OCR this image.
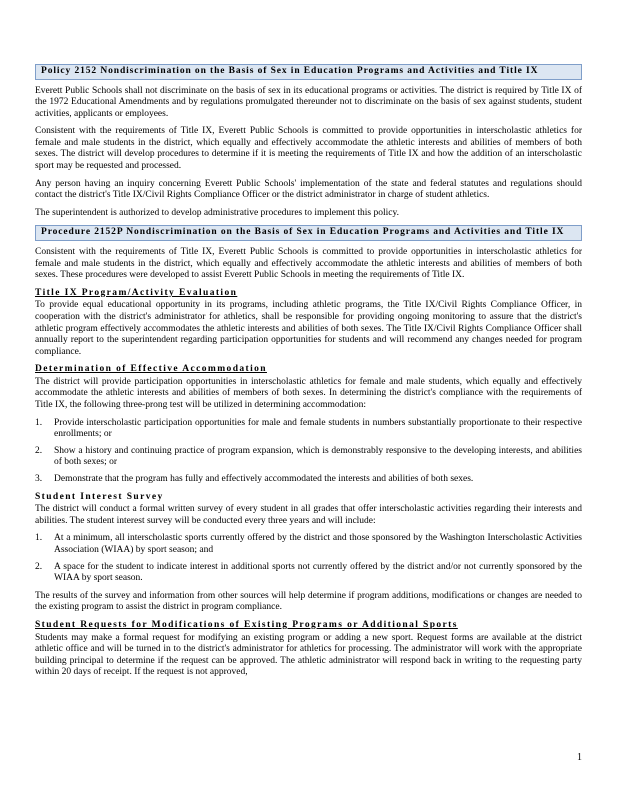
Policy 2152 Nondiscrimination on the Basis of Sex in Education Programs and Activities and Title IX

Everett Public Schools shall not discriminate on the basis of sex in its educational programs or activities. The district is required by Title IX of the 1972 Educational Amendments and by regulations promulgated thereunder not to discriminate on the basis of sex against students, student activities, applicants or employees.

Consistent with the requirements of Title IX, Everett Public Schools is committed to provide opportunities in interscholastic athletics for female and male students in the district, which equally and effectively accommodate the athletic interests and abilities of members of both sexes. The district will develop procedures to determine if it is meeting the requirements of Title IX and how the addition of an interscholastic sport may be requested and processed.

Any person having an inquiry concerning Everett Public Schools' implementation of the state and federal statutes and regulations should contact the district's Title IX/Civil Rights Compliance Officer or the district administrator in charge of student athletics.

The superintendent is authorized to develop administrative procedures to implement this policy.

Procedure 2152P Nondiscrimination on the Basis of Sex in Education Programs and Activities and Title IX

Consistent with the requirements of Title IX, Everett Public Schools is committed to provide opportunities in interscholastic athletics for female and male students in the district, which equally and effectively accommodate the athletic interests and abilities of members of both sexes. These procedures were developed to assist Everett Public Schools in meeting the requirements of Title IX.

Title IX Program/Activity Evaluation

To provide equal educational opportunity in its programs, including athletic programs, the Title IX/Civil Rights Compliance Officer, in cooperation with the district's administrator for athletics, shall be responsible for providing ongoing monitoring to assure that the district's athletic program effectively accommodates the athletic interests and abilities of both sexes. The Title IX/Civil Rights Compliance Officer shall annually report to the superintendent regarding participation opportunities for students and will recommend any changes needed for program compliance.

Determination of Effective Accommodation

The district will provide participation opportunities in interscholastic athletics for female and male students, which equally and effectively accommodate the athletic interests and abilities of members of both sexes. In determining the district's compliance with the requirements of Title IX, the following three-prong test will be utilized in determining accommodation:

1. Provide interscholastic participation opportunities for male and female students in numbers substantially proportionate to their respective enrollments; or
2. Show a history and continuing practice of program expansion, which is demonstrably responsive to the developing interests, and abilities of both sexes; or
3. Demonstrate that the program has fully and effectively accommodated the interests and abilities of both sexes.
Student Interest Survey

The district will conduct a formal written survey of every student in all grades that offer interscholastic activities regarding their interests and abilities. The student interest survey will be conducted every three years and will include:

1. At a minimum, all interscholastic sports currently offered by the district and those sponsored by the Washington Interscholastic Activities Association (WIAA) by sport season; and
2. A space for the student to indicate interest in additional sports not currently offered by the district and/or not currently sponsored by the WIAA by sport season.

The results of the survey and information from other sources will help determine if program additions, modifications or changes are needed to the existing program to assist the district in program compliance.

Student Requests for Modifications of Existing Programs or Additional Sports

Students may make a formal request for modifying an existing program or adding a new sport. Request forms are available at the district athletic office and will be turned in to the district's administrator for athletics for processing. The administrator will work with the appropriate building principal to determine if the request can be approved. The athletic administrator will respond back in writing to the requesting party within 20 days of receipt. If the request is not approved,

1
